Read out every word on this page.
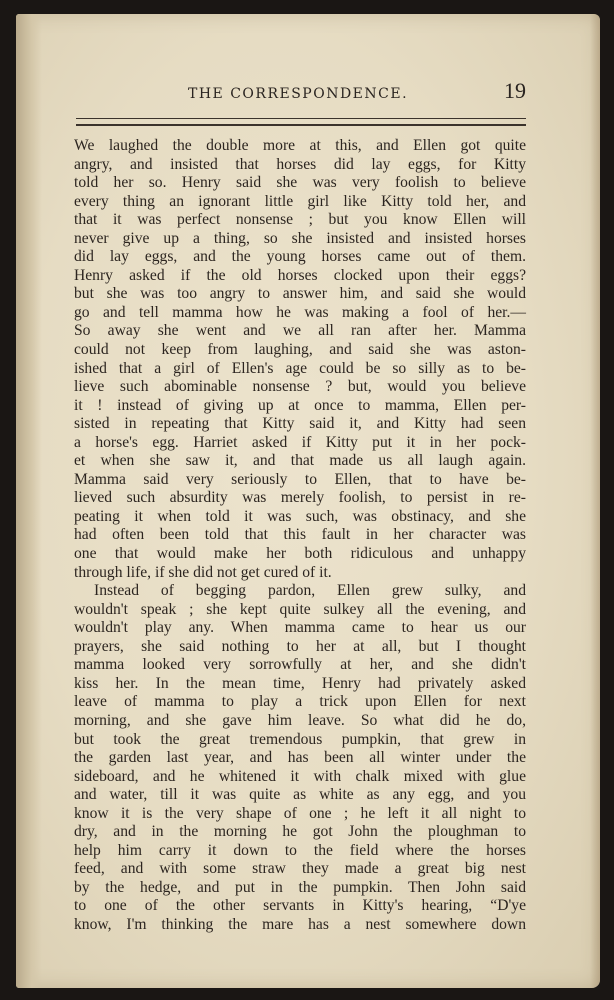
THE CORRESPONDENCE.	19
We laughed the double more at this, and Ellen got quite
angry, and insisted that horses did lay eggs, for Kitty
told her so. Henry said she was very foolish to believe
every thing an ignorant little girl like Kitty told her, and
that it was perfect nonsense ; but you know Ellen will
never give up a thing, so she insisted and insisted horses
did lay eggs, and the young horses came out of them.
Henry asked if the old horses clocked upon their eggs?
but she was too angry to answer him, and said she would
go and tell mamma how he was making a fool of her.—
So away she went and we all ran after her. Mamma
could not keep from laughing, and said she was aston-
ished that a girl of Ellen's age could be so silly as to be-
lieve such abominable nonsense ? but, would you believe
it ! instead of giving up at once to mamma, Ellen per-
sisted in repeating that Kitty said it, and Kitty had seen
a horse's egg. Harriet asked if Kitty put it in her pock-
et when she saw it, and that made us all laugh again.
Mamma said very seriously to Ellen, that to have be-
lieved such absurdity was merely foolish, to persist in re-
peating it when told it was such, was obstinacy, and she
had often been told that this fault in her character was
one that would make her both ridiculous and unhappy
through life, if she did not get cured of it.
Instead of begging pardon, Ellen grew sulky, and
wouldn't speak ; she kept quite sulkey all the evening, and
wouldn't play any. When mamma came to hear us our
prayers, she said nothing to her at all, but I thought
mamma looked very sorrowfully at her, and she didn't
kiss her. In the mean time, Henry had privately asked
leave of mamma to play a trick upon Ellen for next
morning, and she gave him leave. So what did he do,
but took the great tremendous pumpkin, that grew in
the garden last year, and has been all winter under the
sideboard, and he whitened it with chalk mixed with glue
and water, till it was quite as white as any egg, and you
know it is the very shape of one ; he left it all night to
dry, and in the morning he got John the ploughman to
help him carry it down to the field where the horses
feed, and with some straw they made a great big nest
by the hedge, and put in the pumpkin. Then John said
to one of the other servants in Kitty's hearing, “D'ye
know, I'm thinking the mare has a nest somewhere down
